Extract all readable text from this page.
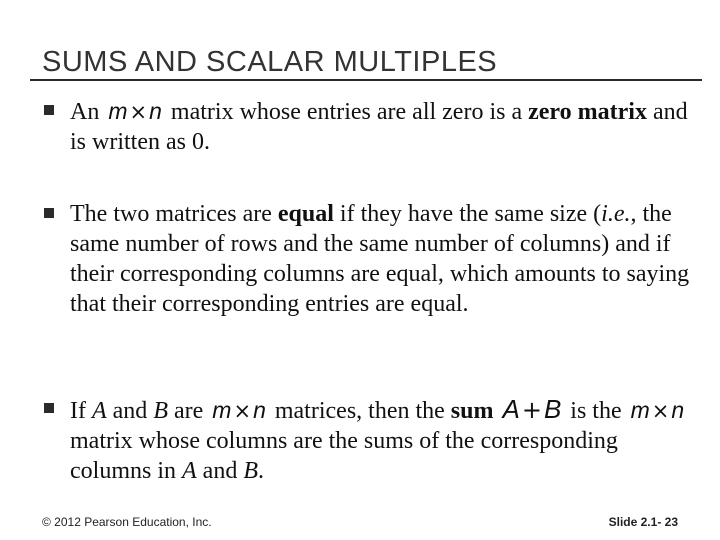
SUMS AND SCALAR MULTIPLES

An m×n matrix whose entries are all zero is a zero matrix and is written as 0.

The two matrices are equal if they have the same size (i.e., the same number of rows and the same number of columns) and if their corresponding columns are equal, which amounts to saying that their corresponding entries are equal.

If A and B are m×n matrices, then the sum A+B is the m×n matrix whose columns are the sums of the corresponding columns in A and B.

© 2012 Pearson Education, Inc.	Slide 2.1- 23
